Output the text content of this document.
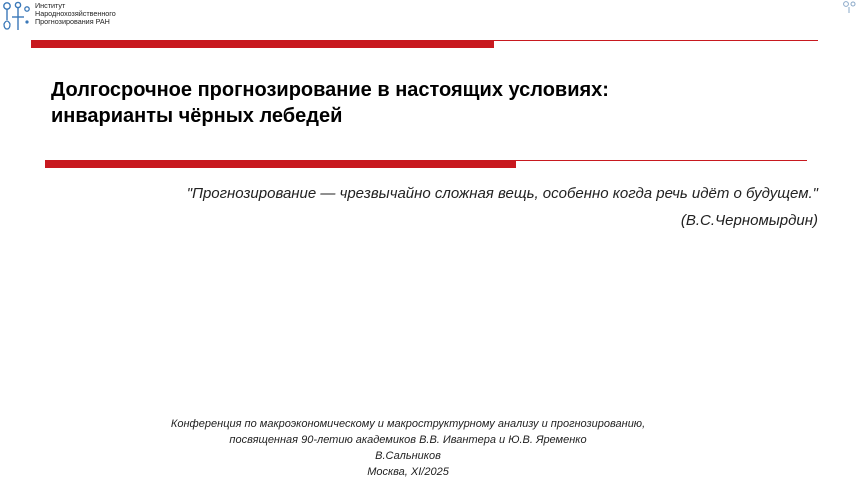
Институт
Народнохозяйственного
Прогнозирования РАН
Долгосрочное прогнозирование в настоящих условиях:
инварианты чёрных лебедей
"Прогнозирование — чрезвычайно сложная вещь, особенно когда речь идёт о будущем."
(В.С.Черномырдин)
Конференция по макроэкономическому и макроструктурному анализу и прогнозированию,
посвященная 90-летию академиков В.В. Ивантера и Ю.В. Яременко
В.Сальников
Москва, XI/2025
